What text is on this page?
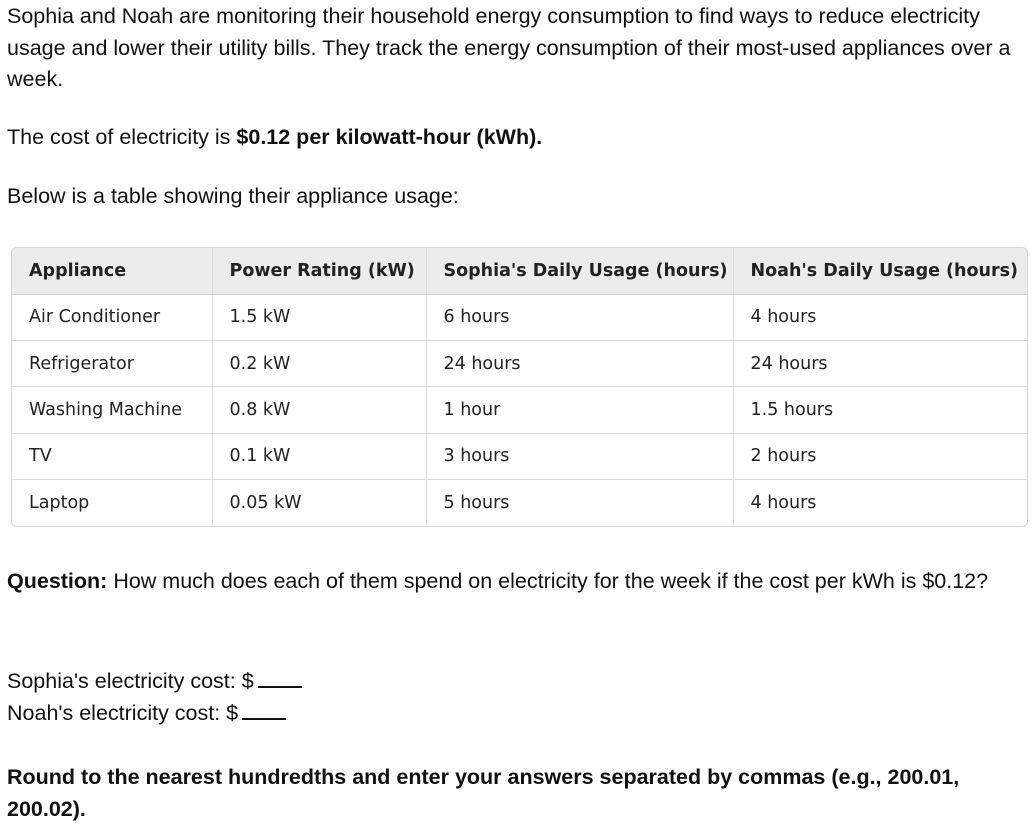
Sophia and Noah are monitoring their household energy consumption to find ways to reduce electricity usage and lower their utility bills. They track the energy consumption of their most-used appliances over a week.

The cost of electricity is $0.12 per kilowatt-hour (kWh).

Below is a table showing their appliance usage:

Appliance	Power Rating (kW)	Sophia's Daily Usage (hours)	Noah's Daily Usage (hours)
Air Conditioner	1.5 kW	6 hours	4 hours
Refrigerator	0.2 kW	24 hours	24 hours
Washing Machine	0.8 kW	1 hour	1.5 hours
TV	0.1 kW	3 hours	2 hours
Laptop	0.05 kW	5 hours	4 hours

Question: How much does each of them spend on electricity for the week if the cost per kWh is $0.12?

Sophia's electricity cost: $
Noah's electricity cost: $

Round to the nearest hundredths and enter your answers separated by commas (e.g., 200.01, 200.02).
